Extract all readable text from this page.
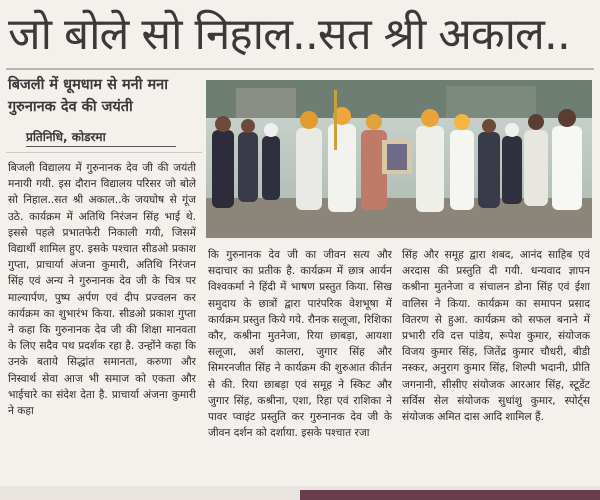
जो बोले सो निहाल..सत श्री अकाल..
बिजली में धूमधाम से मनी मना गुरुनानक देव की जयंती
प्रतिनिधि, कोडरमा
बिजली विद्यालय में गुरुनानक देव जी की जयंती मनायी गयी. इस दौरान विद्यालय परिसर जो बोले सो निहाल..सत श्री अकाल..के जयघोष से गूंज उठे. कार्यक्रम में अतिथि निरंजन सिंह भाई थे. इससे पहले प्रभातफेरी निकाली गयी, जिसमें विद्यार्थी शामिल हुए. इसके पश्चात सीडओ प्रकाश गुप्ता, प्राचार्या अंजना कुमारी, अतिथि निरंजन सिंह एवं अन्य ने गुरुनानक देव जी के चित्र पर माल्यार्पण, पुष्प अर्पण एवं दीप प्रज्वलन कर कार्यक्रम का शुभारंभ किया. सीडओ प्रकाश गुप्ता ने कहा कि गुरुनानक देव जी की शिक्षा मानवता के लिए सदैव पथ प्रदर्शक रहा है. उन्होंने कहा कि उनके बताये सिद्धांत समानता, करुणा और निस्वार्थ सेवा आज भी समाज को एकता और भाईचारे का संदेश देता है. प्राचार्या अंजना कुमारी ने कहा
कि गुरुनानक देव जी का जीवन सत्य और सदाचार का प्रतीक है. कार्यक्रम में छात्र आर्यन विश्वकर्मा ने हिंदी में भाषण प्रस्तुत किया. सिख समुदाय के छात्रों द्वारा पारंपरिक वेशभूषा में कार्यक्रम प्रस्तुत किये गये. रौनक सलूजा, रिशिका कौर, कश्रीना मुतनेजा, रिया छाबड़ा, आयशा सलूजा, अर्श कालरा, जुगार सिंह और सिमरनजीत सिंह ने कार्यक्रम की शुरुआत कीर्तन से की. रिया छाबड़ा एवं समूह ने स्किट और जुगार सिंह, कश्रीना, एशा, रिहा एवं राशिका ने पावर प्वाइंट प्रस्तुति कर गुरुनानक देव जी के जीवन दर्शन को दर्शाया. इसके पश्चात रजा
सिंह और समूह द्वारा शबद, आनंद साहिब एवं अरदास की प्रस्तुति दी गयी. धन्यवाद ज्ञापन कश्रीना मुतनेजा व संचालन डोना सिंह एवं ईशा वालिस ने किया. कार्यक्रम का समापन प्रसाद वितरण से हुआ. कार्यक्रम को सफल बनाने में प्रभारी रवि दत्त पांडेय, रूपेश कुमार, संयोजक विजय कुमार सिंह, जितेंद्र कुमार चौधरी, बीडी नस्कर, अनुराग कुमार सिंह, शिल्पी भदानी, प्रीति जगनानी, सीसीए संयोजक आरआर सिंह, स्टूडेंट सर्विस सेल संयोजक सुधांशु कुमार, स्पोर्ट्स संयोजक अमित दास आदि शामिल हैं.
